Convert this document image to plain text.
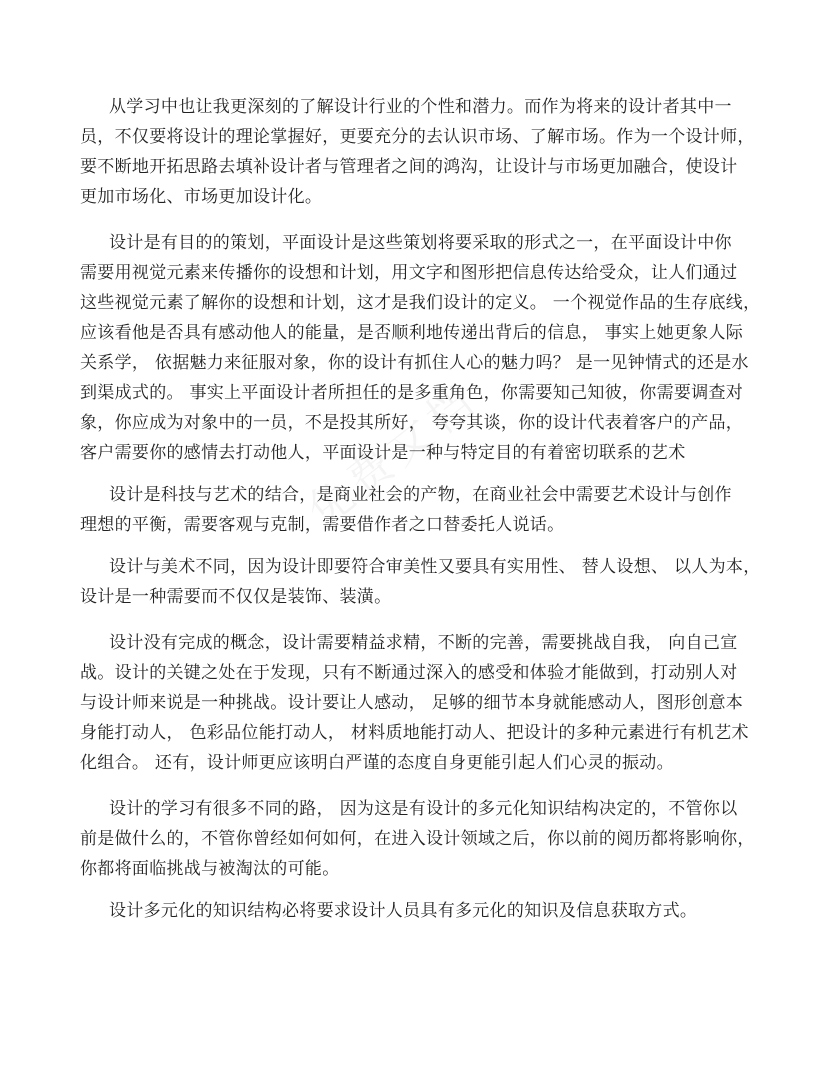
从学习中也让我更深刻的了解设计行业的个性和潜力。而作为将来的设计者其中一
员，不仅要将设计的理论掌握好，更要充分的去认识市场、了解市场。作为一个设计师，
要不断地开拓思路去填补设计者与管理者之间的鸿沟，让设计与市场更加融合，使设计
更加市场化、市场更加设计化。
设计是有目的的策划，平面设计是这些策划将要采取的形式之一，在平面设计中你
需要用视觉元素来传播你的设想和计划，用文字和图形把信息传达给受众，让人们通过
这些视觉元素了解你的设想和计划，这才是我们设计的定义。 一个视觉作品的生存底线，
应该看他是否具有感动他人的能量，是否顺利地传递出背后的信息， 事实上她更象人际
关系学， 依据魅力来征服对象，你的设计有抓住人心的魅力吗？ 是一见钟情式的还是水
到渠成式的。 事实上平面设计者所担任的是多重角色，你需要知己知彼，你需要调查对
象，你应成为对象中的一员，不是投其所好， 夸夸其谈，你的设计代表着客户的产品，
客户需要你的感情去打动他人，平面设计是一种与特定目的有着密切联系的艺术
设计是科技与艺术的结合，是商业社会的产物，在商业社会中需要艺术设计与创作
理想的平衡，需要客观与克制，需要借作者之口替委托人说话。
设计与美术不同，因为设计即要符合审美性又要具有实用性、 替人设想、 以人为本，
设计是一种需要而不仅仅是装饰、装潢。
设计没有完成的概念，设计需要精益求精，不断的完善，需要挑战自我， 向自己宣
战。设计的关键之处在于发现，只有不断通过深入的感受和体验才能做到，打动别人对
与设计师来说是一种挑战。设计要让人感动， 足够的细节本身就能感动人，图形创意本
身能打动人， 色彩品位能打动人， 材料质地能打动人、把设计的多种元素进行有机艺术
化组合。 还有，设计师更应该明白严谨的态度自身更能引起人们心灵的振动。
设计的学习有很多不同的路， 因为这是有设计的多元化知识结构决定的，不管你以
前是做什么的，不管你曾经如何如何，在进入设计领域之后，你以前的阅历都将影响你，
你都将面临挑战与被淘汰的可能。
设计多元化的知识结构必将要求设计人员具有多元化的知识及信息获取方式。
